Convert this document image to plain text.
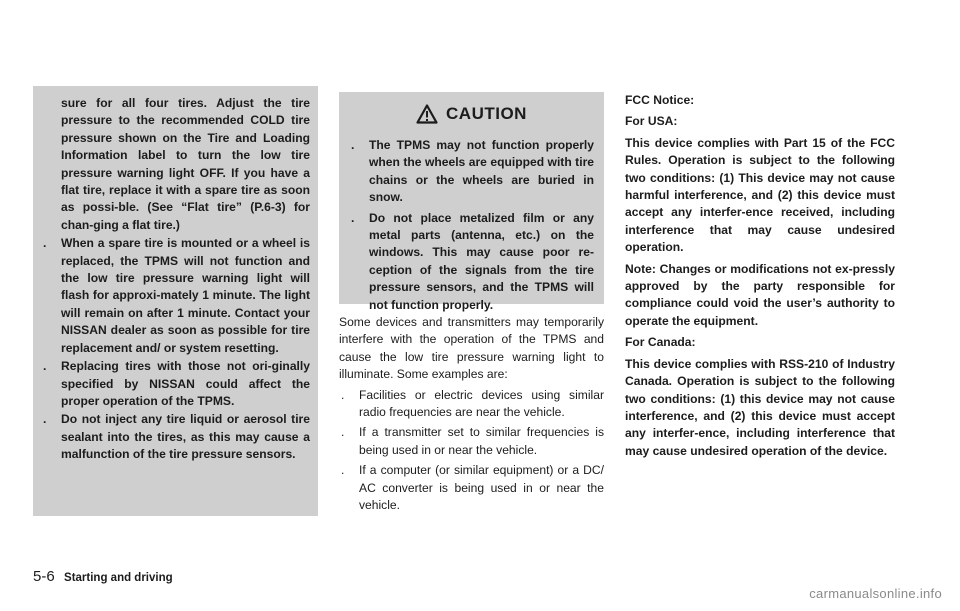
sure for all four tires. Adjust the tire pressure to the recommended COLD tire pressure shown on the Tire and Loading Information label to turn the low tire pressure warning light OFF. If you have a flat tire, replace it with a spare tire as soon as possi-ble. (See “Flat tire” (P.6-3) for chan-ging a flat tire.)

.	When a spare tire is mounted or a wheel is replaced, the TPMS will not function and the low tire pressure warning light will flash for approxi-mately 1 minute. The light will remain on after 1 minute. Contact your NISSAN dealer as soon as possible for tire replacement and/ or system resetting.
.	Replacing tires with those not ori-ginally specified by NISSAN could affect the proper operation of the TPMS.
.	Do not inject any tire liquid or aerosol tire sealant into the tires, as this may cause a malfunction of the tire pressure sensors.
CAUTION
.	The TPMS may not function properly when the wheels are equipped with tire chains or the wheels are buried in snow.
.	Do not place metalized film or any metal parts (antenna, etc.) on the windows. This may cause poor re-ception of the signals from the tire pressure sensors, and the TPMS will not function properly.

Some devices and transmitters may temporarily interfere with the operation of the TPMS and cause the low tire pressure warning light to illuminate. Some examples are:

.	Facilities or electric devices using similar radio frequencies are near the vehicle.
.	If a transmitter set to similar frequencies is being used in or near the vehicle.
.	If a computer (or similar equipment) or a DC/ AC converter is being used in or near the vehicle.

FCC Notice:

For USA:

This device complies with Part 15 of the FCC Rules. Operation is subject to the following two conditions: (1) This device may not cause harmful interference, and (2) this device must accept any interfer-ence received, including interference that may cause undesired operation.

Note: Changes or modifications not ex-pressly approved by the party responsible for compliance could void the user’s authority to operate the equipment.

For Canada:

This device complies with RSS-210 of Industry Canada. Operation is subject to the following two conditions: (1) this device may not cause interference, and (2) this device must accept any interfer-ence, including interference that may cause undesired operation of the device.

5-6 Starting and driving
carmanualsonline.info
